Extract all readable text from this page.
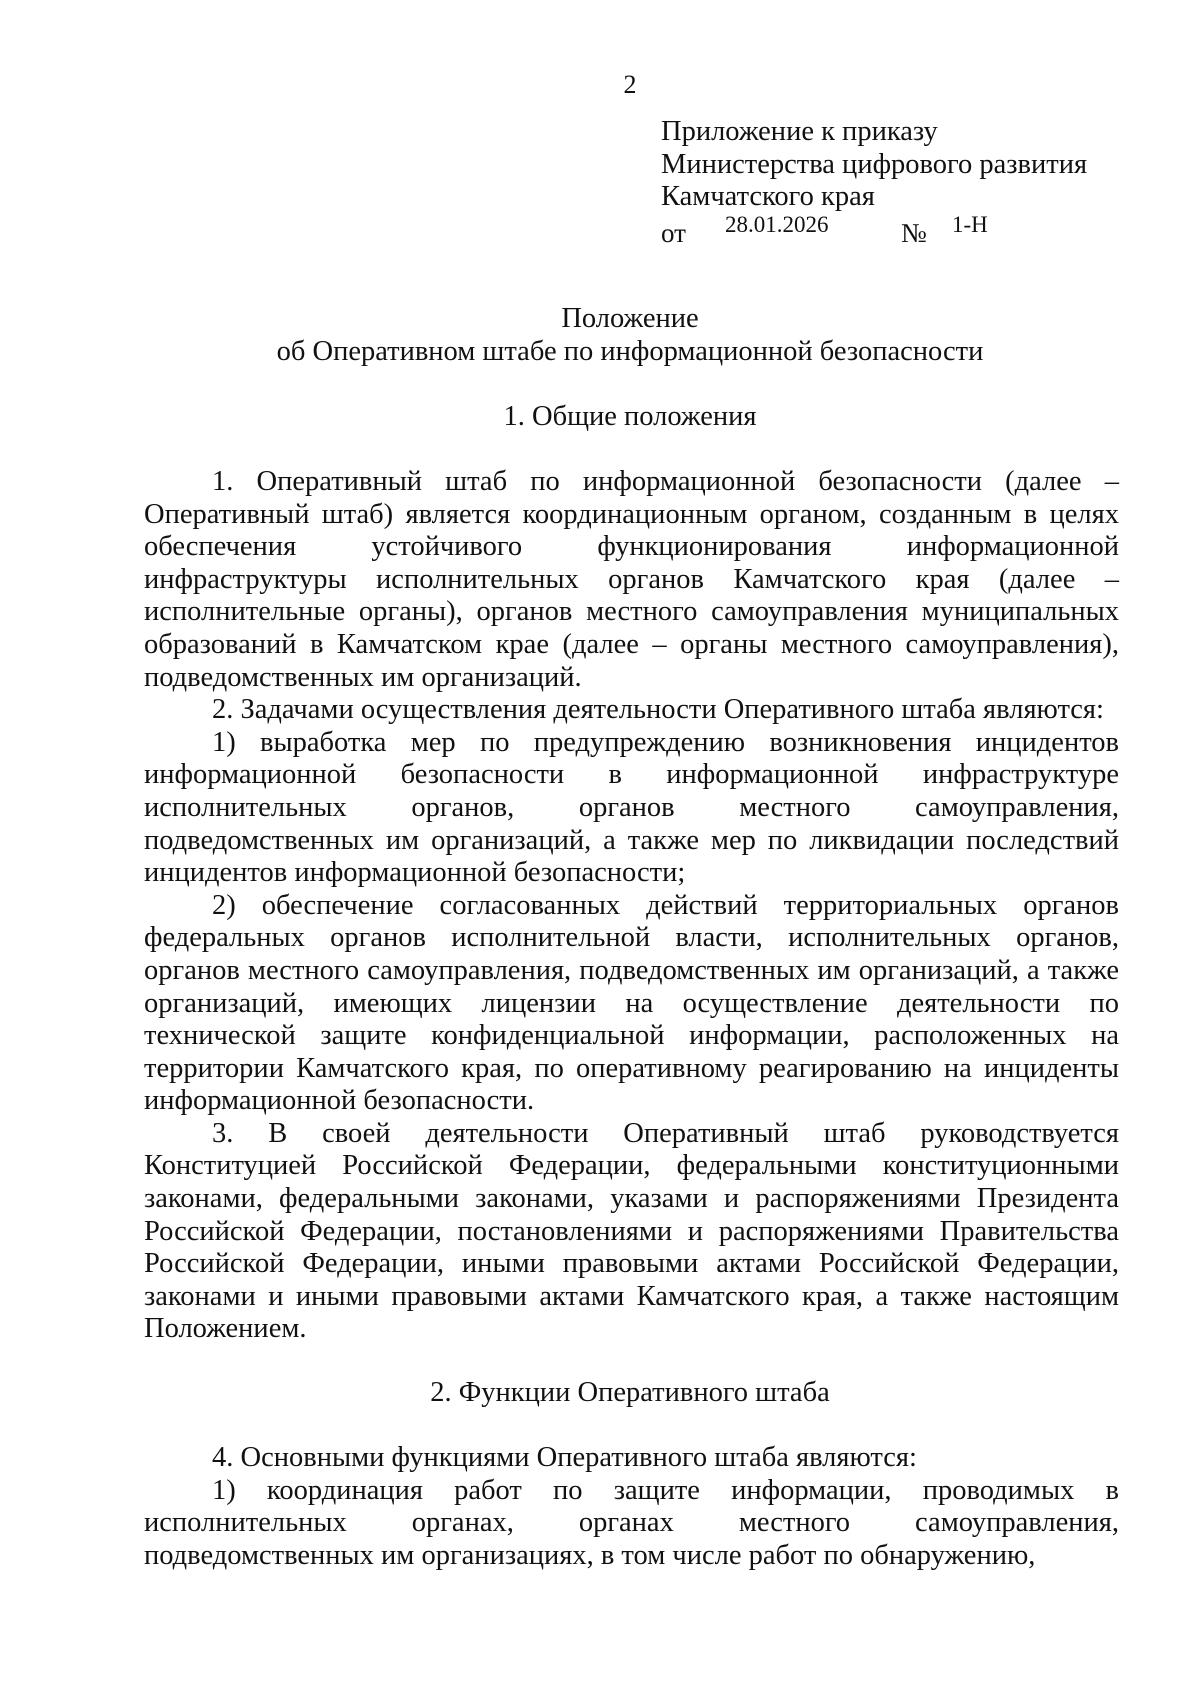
2
Приложение к приказу
Министерства цифрового развития
Камчатского края
от 28.01.2026	№ 1-Н
Положение
об Оперативном штабе по информационной безопасности
1. Общие положения

1. Оперативный штаб по информационной безопасности (далее – Оперативный штаб) является координационным органом, созданным в целях обеспечения устойчивого функционирования информационной инфраструктуры исполнительных органов Камчатского края (далее – исполнительные органы), органов местного самоуправления муниципальных образований в Камчатском крае (далее – органы местного самоуправления), подведомственных им организаций.

2. Задачами осуществления деятельности Оперативного штаба являются:

1) выработка мер по предупреждению возникновения инцидентов информационной безопасности в информационной инфраструктуре исполнительных органов, органов местного самоуправления, подведомственных им организаций, а также мер по ликвидации последствий инцидентов информационной безопасности;

2) обеспечение согласованных действий территориальных органов федеральных органов исполнительной власти, исполнительных органов, органов местного самоуправления, подведомственных им организаций, а также организаций, имеющих лицензии на осуществление деятельности по технической защите конфиденциальной информации, расположенных на территории Камчатского края, по оперативному реагированию на инциденты информационной безопасности.

3. В своей деятельности Оперативный штаб руководствуется Конституцией Российской Федерации, федеральными конституционными законами, федеральными законами, указами и распоряжениями Президента Российской Федерации, постановлениями и распоряжениями Правительства Российской Федерации, иными правовыми актами Российской Федерации, законами и иными правовыми актами Камчатского края, а также настоящим Положением.

2. Функции Оперативного штаба

4. Основными функциями Оперативного штаба являются:

1) координация работ по защите информации, проводимых в исполнительных органах, органах местного самоуправления, подведомственных им организациях, в том числе работ по обнаружению,
